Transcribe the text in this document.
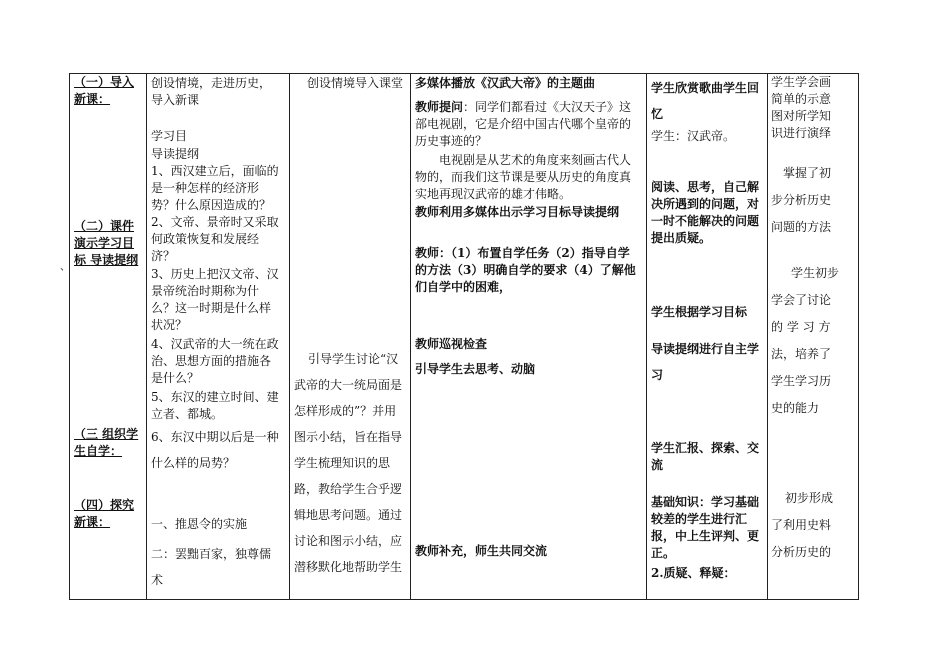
、

（一）导入新课：

（二）课件演示学习目标 导读提纲

（三 组织学生自学：

（四）探究新课：

创设情境，走进历史，
导入新课

学习目

导读提纲

1、西汉建立后，面临的
是一种怎样的经济形
势？什么原因造成的？

2、文帝、景帝时又采取
何政策恢复和发展经
济？

3、历史上把汉文帝、汉
景帝统治时期称为什
么？这一时期是什么样
状况？

4、汉武帝的大一统在政
治、思想方面的措施各
是什么？

5、东汉的建立时间、建
立者、都城。

6、东汉中期以后是一种
什么样的局势？

一、推恩令的实施

二：罢黜百家，独尊儒
术

创设情境导入课堂

引导学生讨论“汉
武帝的大一统局面是
怎样形成的”？并用
图示小结，旨在指导
学生梳理知识的思
路，教给学生合乎逻
辑地思考问题。通过
讨论和图示小结，应
潜移默化地帮助学生

多媒体播放《汉武大帝》的主题曲

教师提问：同学们都看过《大汉天子》这
部电视剧，它是介绍中国古代哪个皇帝的
历史事迹的？

电视剧是从艺术的角度来刻画古代人
物的，而我们这节课是要从历史的角度真
实地再现汉武帝的雄才伟略。

教师利用多媒体出示学习目标导读提纲

教师：（1）布置自学任务（2）指导自学
的方法（3）明确自学的要求（4）了解他
们自学中的困难，

教师巡视检查

引导学生去思考、动脑

教师补充，师生共同交流

学生欣赏歌曲学生回
忆

学生：汉武帝。

阅读、思考，自己解
决所遇到的问题，对
一时不能解决的问题
提出质疑。

学生根据学习目标

导读提纲进行自主学
习

学生汇报、探索、交
流

基础知识：学习基础
较差的学生进行汇
报，中上生评判、更
正。

2.质疑、释疑：

学生学会画
简单的示意
图对所学知
识进行演绎

掌握了初
步分析历史
问题的方法

学生初步
学会了讨论
的 学 习 方
法，培养了
学生学习历
史的能力

初步形成
了利用史料
分析历史的
